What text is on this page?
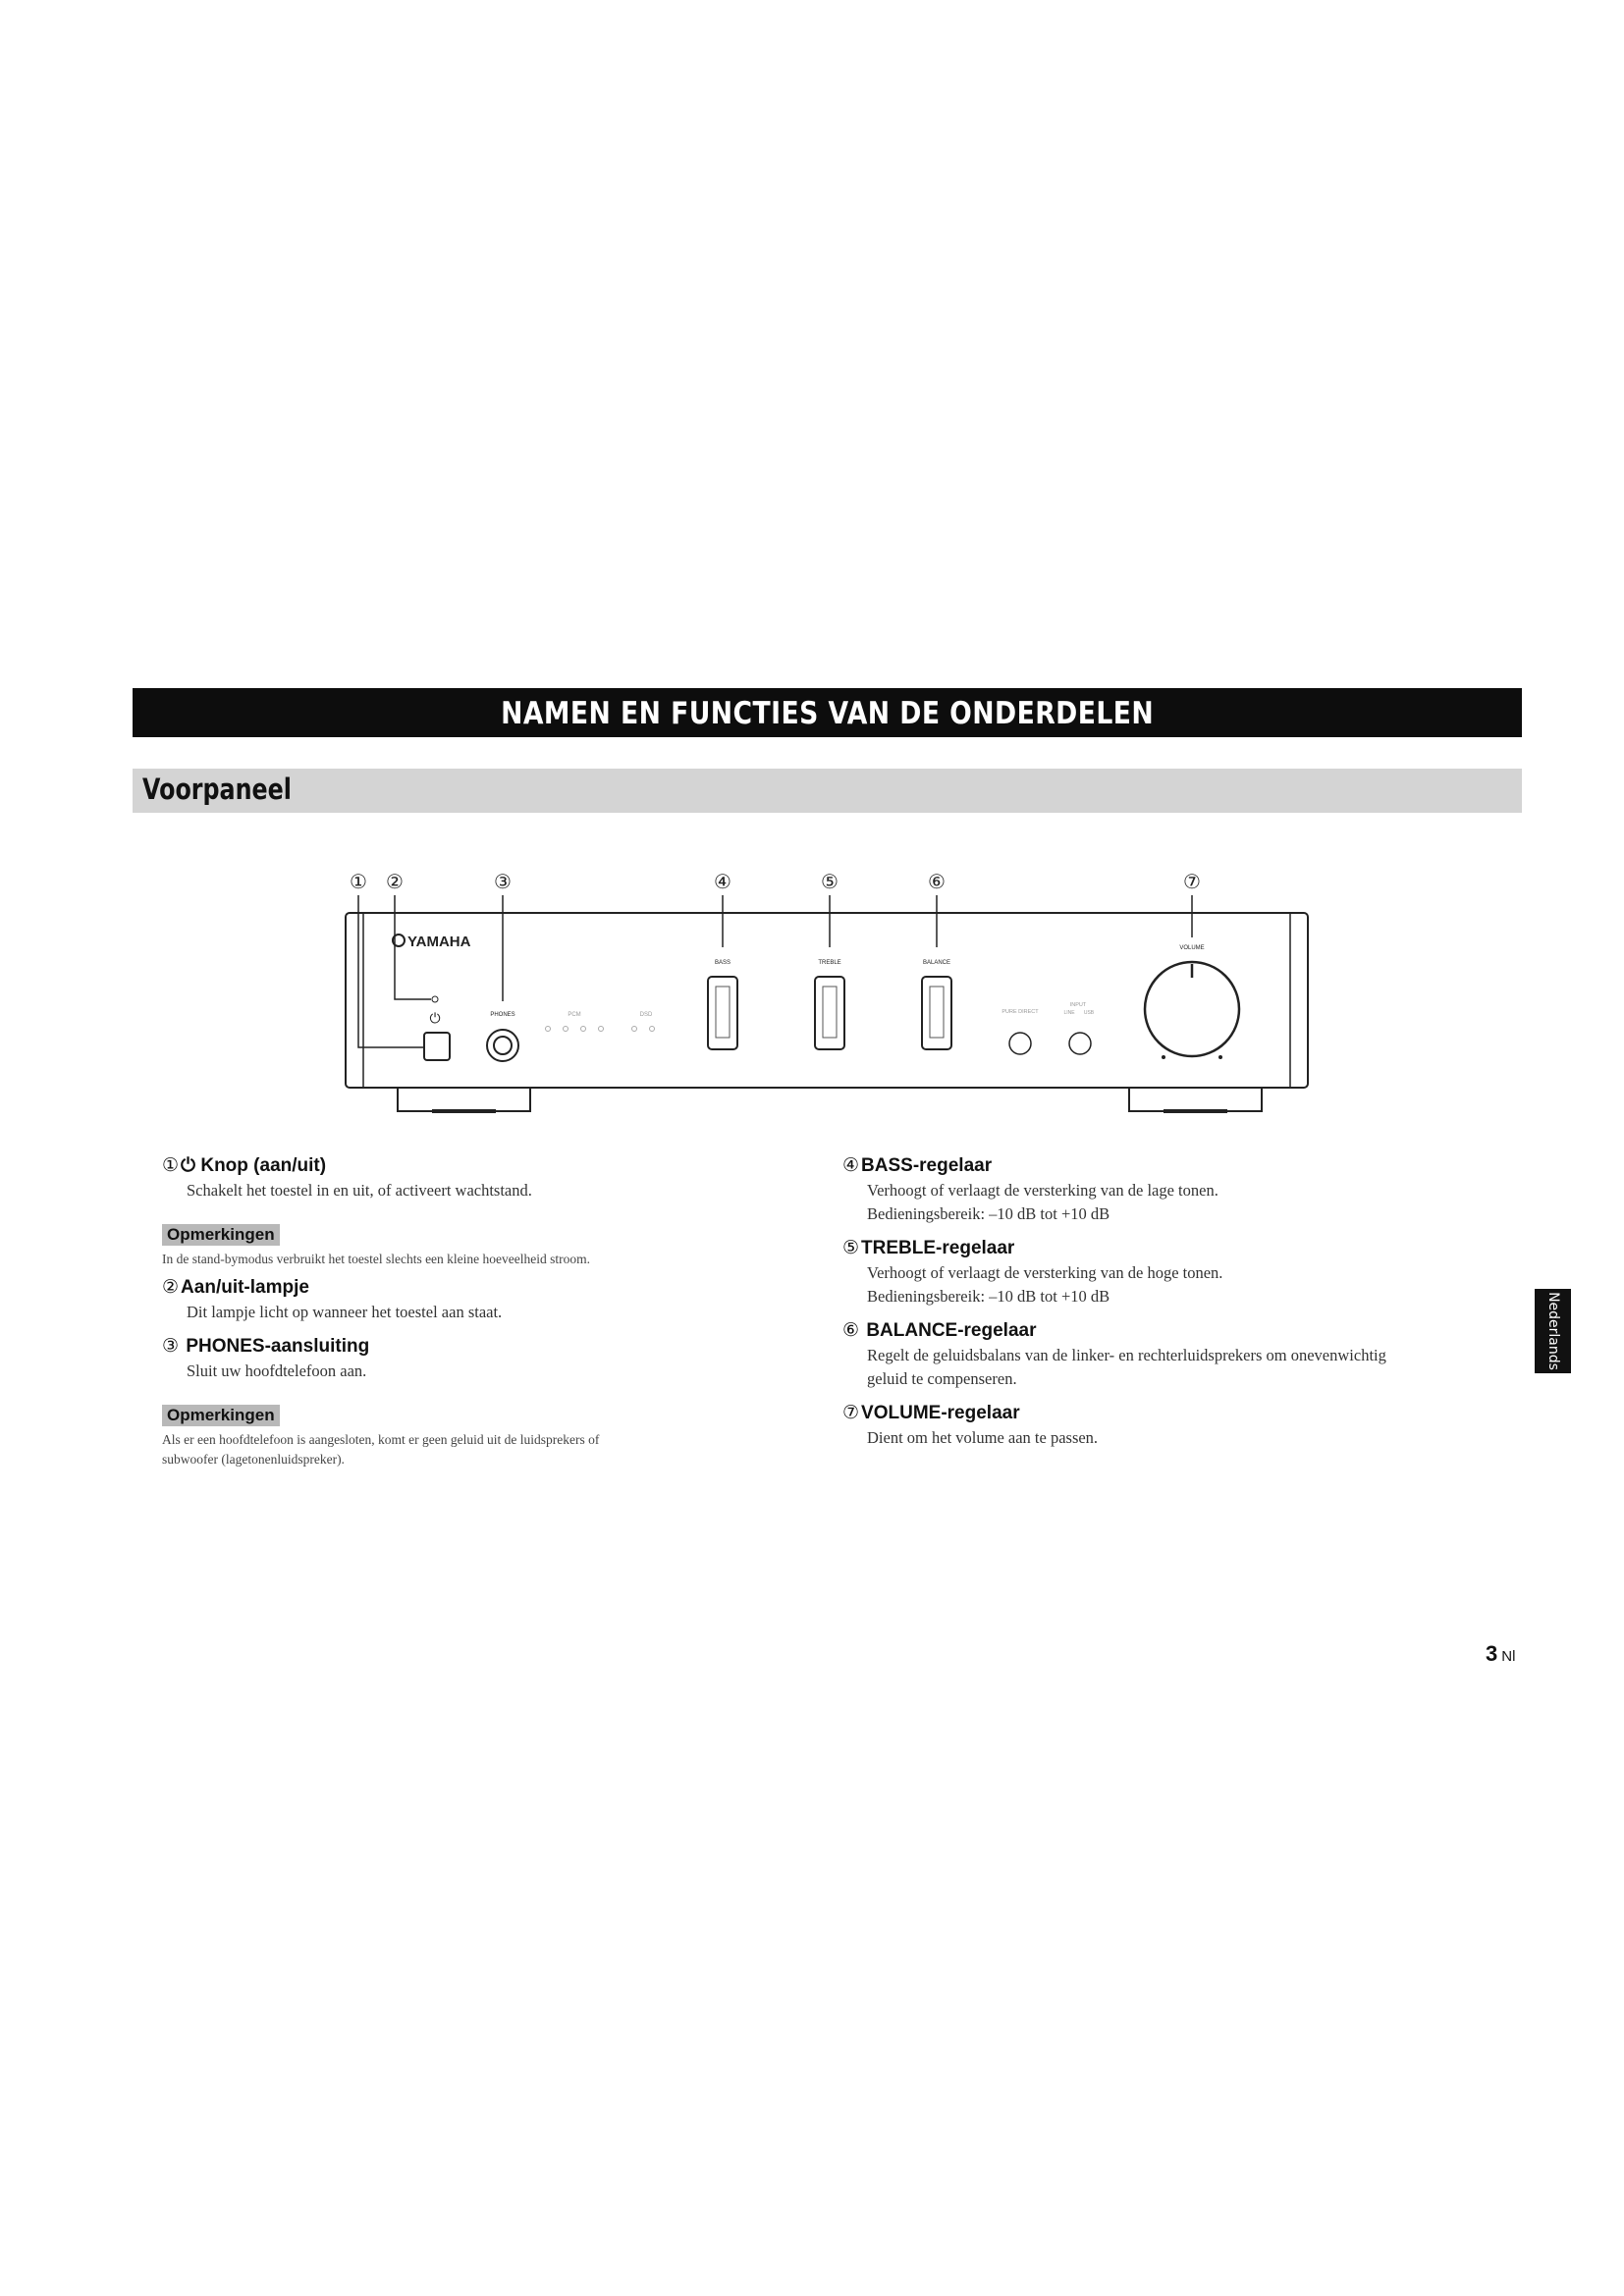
NAMEN EN FUNCTIES VAN DE ONDERDELEN
Voorpaneel
① ②	③	④	⑤	⑥	⑦
YAMAHA
⏻	PHONES	PCM	DSD
BASS	TREBLE	BALANCE
PURE DIRECT
INPUT
LINE USB
VOLUME

① ⏻ Knop (aan/uit)

Schakelt het toestel in en uit, of activeert wachtstand.

Opmerkingen

In de stand-bymodus verbruikt het toestel slechts een kleine hoeveelheid stroom.

② Aan/uit-lampje

Dit lampje licht op wanneer het toestel aan staat.

③ PHONES-aansluiting

Sluit uw hoofdtelefoon aan.

Opmerkingen

Als er een hoofdtelefoon is aangesloten, komt er geen geluid uit de luidsprekers of subwoofer (lagetonenluidspreker).

④ BASS-regelaar

Verhoogt of verlaagt de versterking van de lage tonen.

Bedieningsbereik: –10 dB tot +10 dB

⑤ TREBLE-regelaar

Verhoogt of verlaagt de versterking van de hoge tonen.

Bedieningsbereik: –10 dB tot +10 dB

⑥ BALANCE-regelaar

Regelt de geluidsbalans van de linker- en rechterluidsprekers om onevenwichtig

geluid te compenseren.

⑦ VOLUME-regelaar

Dient om het volume aan te passen.

Nederlands
3 Nl
